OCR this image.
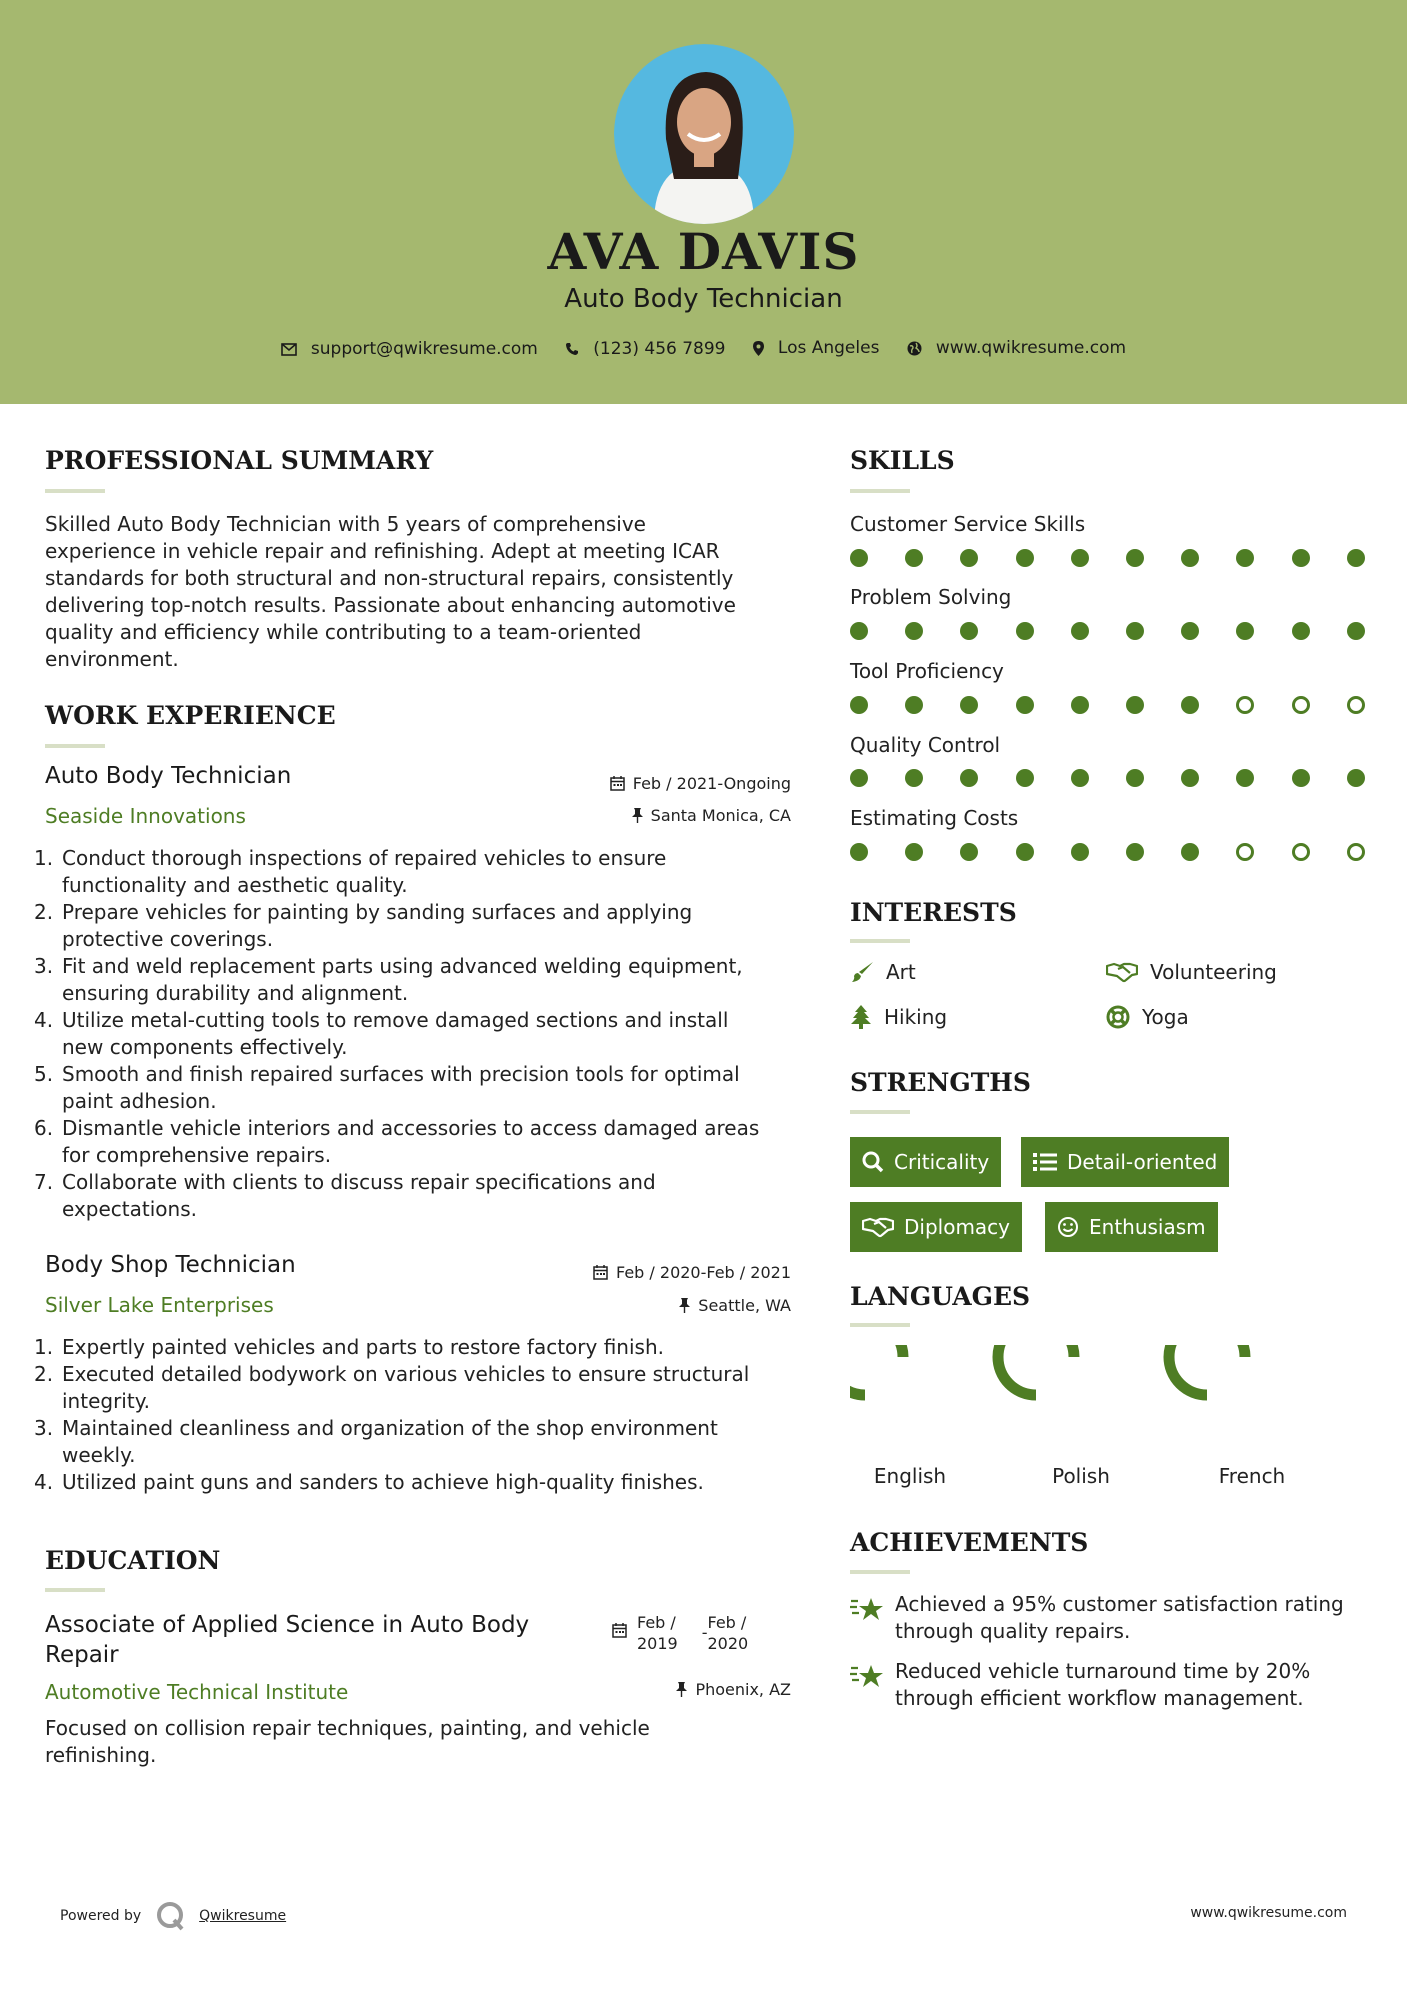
AVA DAVIS
Auto Body Technician
support@qwikresume.com
	(123) 456 7899
	Los Angeles
	www.qwikresume.com
PROFESSIONAL SUMMARY
Skilled Auto Body Technician with 5 years of comprehensive
experience in vehicle repair and refinishing. Adept at meeting ICAR
standards for both structural and non-structural repairs, consistently
delivering top-notch results. Passionate about enhancing automotive
quality and efficiency while contributing to a team-oriented
environment.
WORK EXPERIENCE
Auto Body Technician
Seaside Innovations
Feb / 2021-Ongoing
Santa Monica, CA
1. Conduct thorough inspections of repaired vehicles to ensure
functionality and aesthetic quality.
2. Prepare vehicles for painting by sanding surfaces and applying
protective coverings.
3. Fit and weld replacement parts using advanced welding equipment,
ensuring durability and alignment.
4. Utilize metal-cutting tools to remove damaged sections and install
new components effectively.
5. Smooth and finish repaired surfaces with precision tools for optimal
paint adhesion.
6. Dismantle vehicle interiors and accessories to access damaged areas
for comprehensive repairs.
7. Collaborate with clients to discuss repair specifications and
expectations.
Body Shop Technician
Silver Lake Enterprises
Feb / 2020-Feb / 2021
Seattle, WA
1. Expertly painted vehicles and parts to restore factory finish.
2. Executed detailed bodywork on various vehicles to ensure structural
integrity.
3. Maintained cleanliness and organization of the shop environment
weekly.
4. Utilized paint guns and sanders to achieve high-quality finishes.
EDUCATION
Associate of Applied Science in Auto Body
Repair
Automotive Technical Institute
Feb /
2019
-
Feb /
2020
Phoenix, AZ
Focused on collision repair techniques, painting, and vehicle
refinishing.
SKILLS
Customer Service Skills
Problem Solving
Tool Proficiency
Quality Control
Estimating Costs
INTERESTS
Art	Volunteering
Hiking	Yoga
STRENGTHS
Criticality	Detail-oriented
Diplomacy	Enthusiasm
LANGUAGES
English	Polish	French
ACHIEVEMENTS
Achieved a 95% customer satisfaction rating
through quality repairs.
Reduced vehicle turnaround time by 20%
through efficient workflow management.
Powered by	Qwikresume	www.qwikresume.com
